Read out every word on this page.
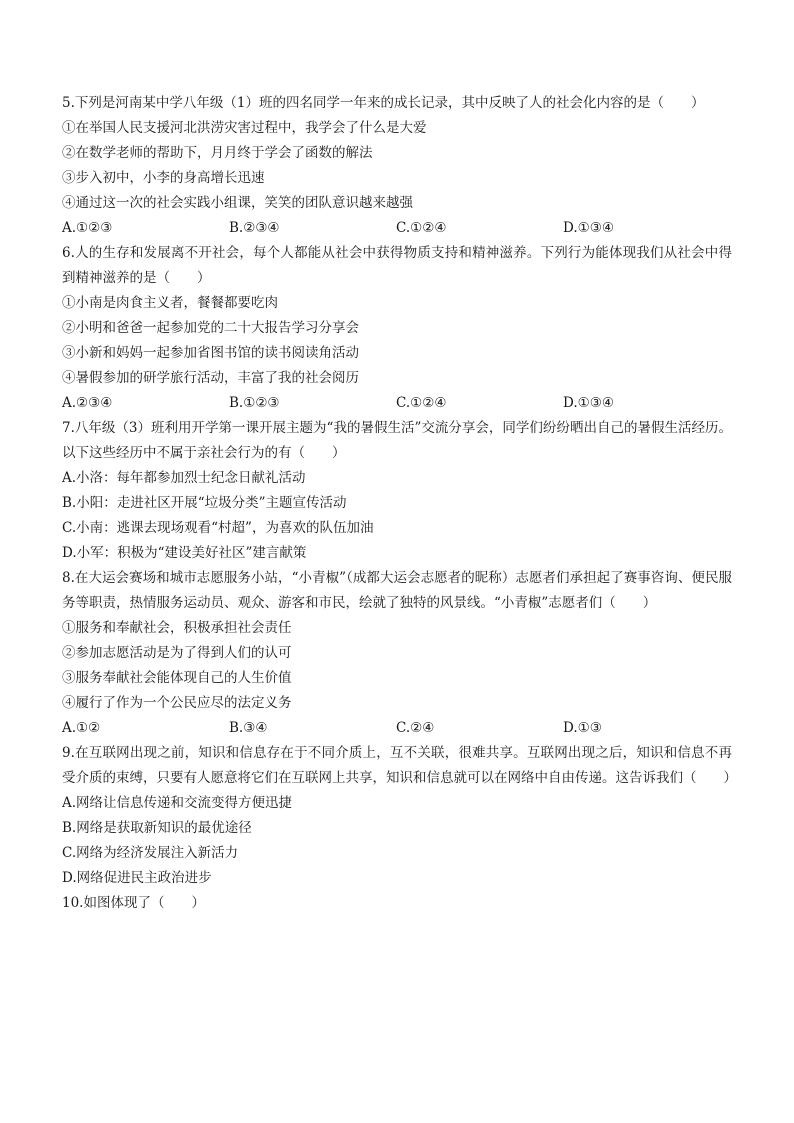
5.下列是河南某中学八年级（1）班的四名同学一年来的成长记录，其中反映了人的社会化内容的是（　　）
①在举国人民支援河北洪涝灾害过程中，我学会了什么是大爱
②在数学老师的帮助下，月月终于学会了函数的解法
③步入初中，小李的身高增长迅速
④通过这一次的社会实践小组课，笑笑的团队意识越来越强
A.①②③	B.②③④	C.①②④	D.①③④
6.人的生存和发展离不开社会，每个人都能从社会中获得物质支持和精神滋养。下列行为能体现我们从社会中得到精神滋养的是（　　）
①小南是肉食主义者，餐餐都要吃肉
②小明和爸爸一起参加党的二十大报告学习分享会
③小新和妈妈一起参加省图书馆的读书阅读角活动
④暑假参加的研学旅行活动，丰富了我的社会阅历
A.②③④	B.①②③	C.①②④	D.①③④
7.八年级（3）班利用开学第一课开展主题为“我的暑假生活”交流分享会，同学们纷纷晒出自己的暑假生活经历。以下这些经历中不属于亲社会行为的有（　　）
A.小洛：每年都参加烈士纪念日献礼活动
B.小阳：走进社区开展“垃圾分类”主题宣传活动
C.小南：逃课去现场观看“村超”，为喜欢的队伍加油
D.小军：积极为“建设美好社区”建言献策
8.在大运会赛场和城市志愿服务小站，“小青椒”（成都大运会志愿者的昵称）志愿者们承担起了赛事咨询、便民服务等职责，热情服务运动员、观众、游客和市民，绘就了独特的风景线。“小青椒”志愿者们（　　）
①服务和奉献社会，积极承担社会责任
②参加志愿活动是为了得到人们的认可
③服务奉献社会能体现自己的人生价值
④履行了作为一个公民应尽的法定义务
A.①②	B.③④	C.②④	D.①③
9.在互联网出现之前，知识和信息存在于不同介质上，互不关联，很难共享。互联网出现之后，知识和信息不再受介质的束缚，只要有人愿意将它们在互联网上共享，知识和信息就可以在网络中自由传递。这告诉我们（　　）
A.网络让信息传递和交流变得方便迅捷
B.网络是获取新知识的最优途径
C.网络为经济发展注入新活力
D.网络促进民主政治进步
10.如图体现了（　　）
